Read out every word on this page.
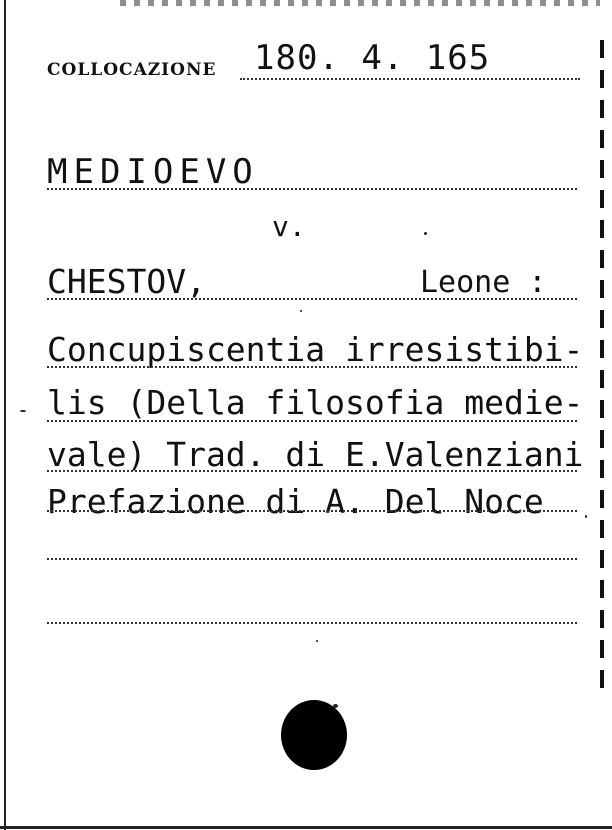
COLLOCAZIONE 180. 4. 165
MEDIOEVO
v.
CHESTOV,	Leone :
Concupiscentia irresistibi-
lis (Della filosofia medie-
vale) Trad. di E.Valenziani
Prefazione di A. Del Noce
